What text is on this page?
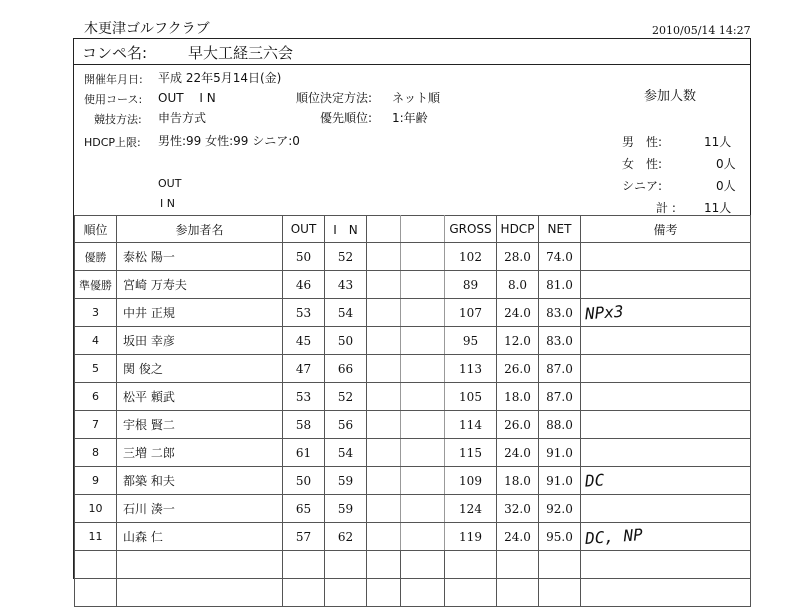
木更津ゴルフクラブ	2010/05/14 14:27
コンペ名:	早大工経三六会
開催年月日: 平成 22年5月14日(金)
使用コース: OUT　 I N	順位決定方法: ネット順
競技方法: 申告方式	優先順位: 1:年齢
HDCP上限: 男性:99 女性:99 シニア:0
OUT
I N
参加人数
男　性:	11人
女　性:	0人
シニア:	0人
計 : 11人
順位	参加者名	OUT	I　N			GROSS	HDCP	NET	備考
優勝	泰松 陽一	50	52			102	28.0	74.0	
準優勝	宮崎 万寿夫	46	43			89	8.0	81.0	
3	中井 正規	53	54			107	24.0	83.0	NPx3
4	坂田 幸彦	45	50			95	12.0	83.0	
5	関 俊之	47	66			113	26.0	87.0	
6	松平 頼武	53	52			105	18.0	87.0	
7	宇根 賢二	58	56			114	26.0	88.0	
8	三増 二郎	61	54			115	24.0	91.0	
9	都築 和夫	50	59			109	18.0	91.0	DC
10	石川 湊一	65	59			124	32.0	92.0	
11	山森 仁	57	62			119	24.0	95.0	DC, NP
